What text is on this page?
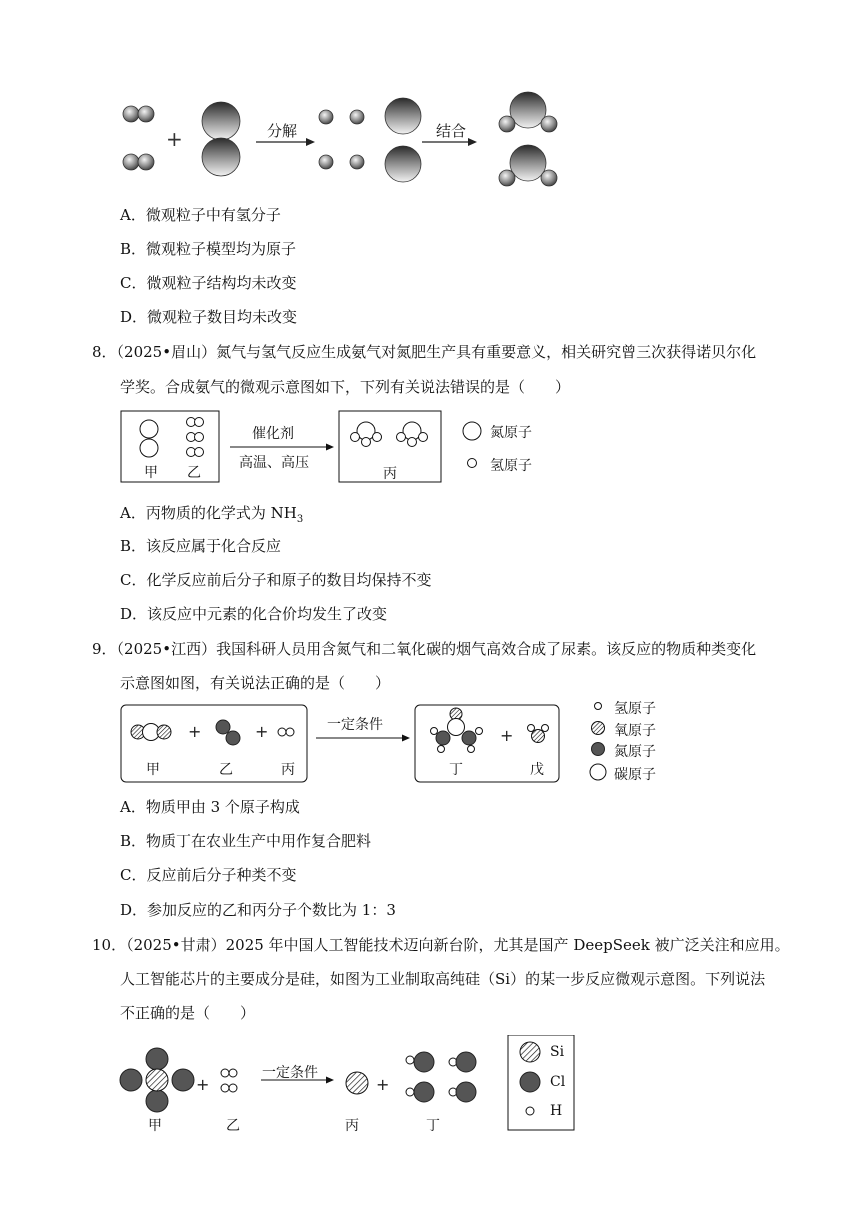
+	分解	结合
A．微观粒子中有氢分子
B．微观粒子模型均为原子
C．微观粒子结构均未改变
D．微观粒子数目均未改变
8．（2025•眉山）氮气与氢气反应生成氨气对氮肥生产具有重要意义，相关研究曾三次获得诺贝尔化
学奖。合成氨气的微观示意图如下，下列有关说法错误的是（　　）
甲 乙
催化剂
高温、高压
丙
氮原子
氢原子
A．丙物质的化学式为 $NH_3$
B．该反应属于化合反应
C．化学反应前后分子和原子的数目均保持不变
D．该反应中元素的化合价均发生了改变
9．（2025•江西）我国科研人员用含氮气和二氧化碳的烟气高效合成了尿素。该反应的物质种类变化
示意图如图，有关说法正确的是（　　）
+	+	+
甲	乙	丙
一定条件
丁	戊
氢原子
氧原子
氮原子
碳原子
A．物质甲由 3 个原子构成
B．物质丁在农业生产中用作复合肥料
C．反应前后分子种类不变
D．参加反应的乙和丙分子个数比为 1：3
10．（2025•甘肃）2025 年中国人工智能技术迈向新台阶，尤其是国产 DeepSeek 被广泛关注和应用。
人工智能芯片的主要成分是硅，如图为工业制取高纯硅（Si）的某一步反应微观示意图。下列说法
不正确的是（　　）
+	+
一定条件
甲	乙	丙	丁
Si
Cl
H
